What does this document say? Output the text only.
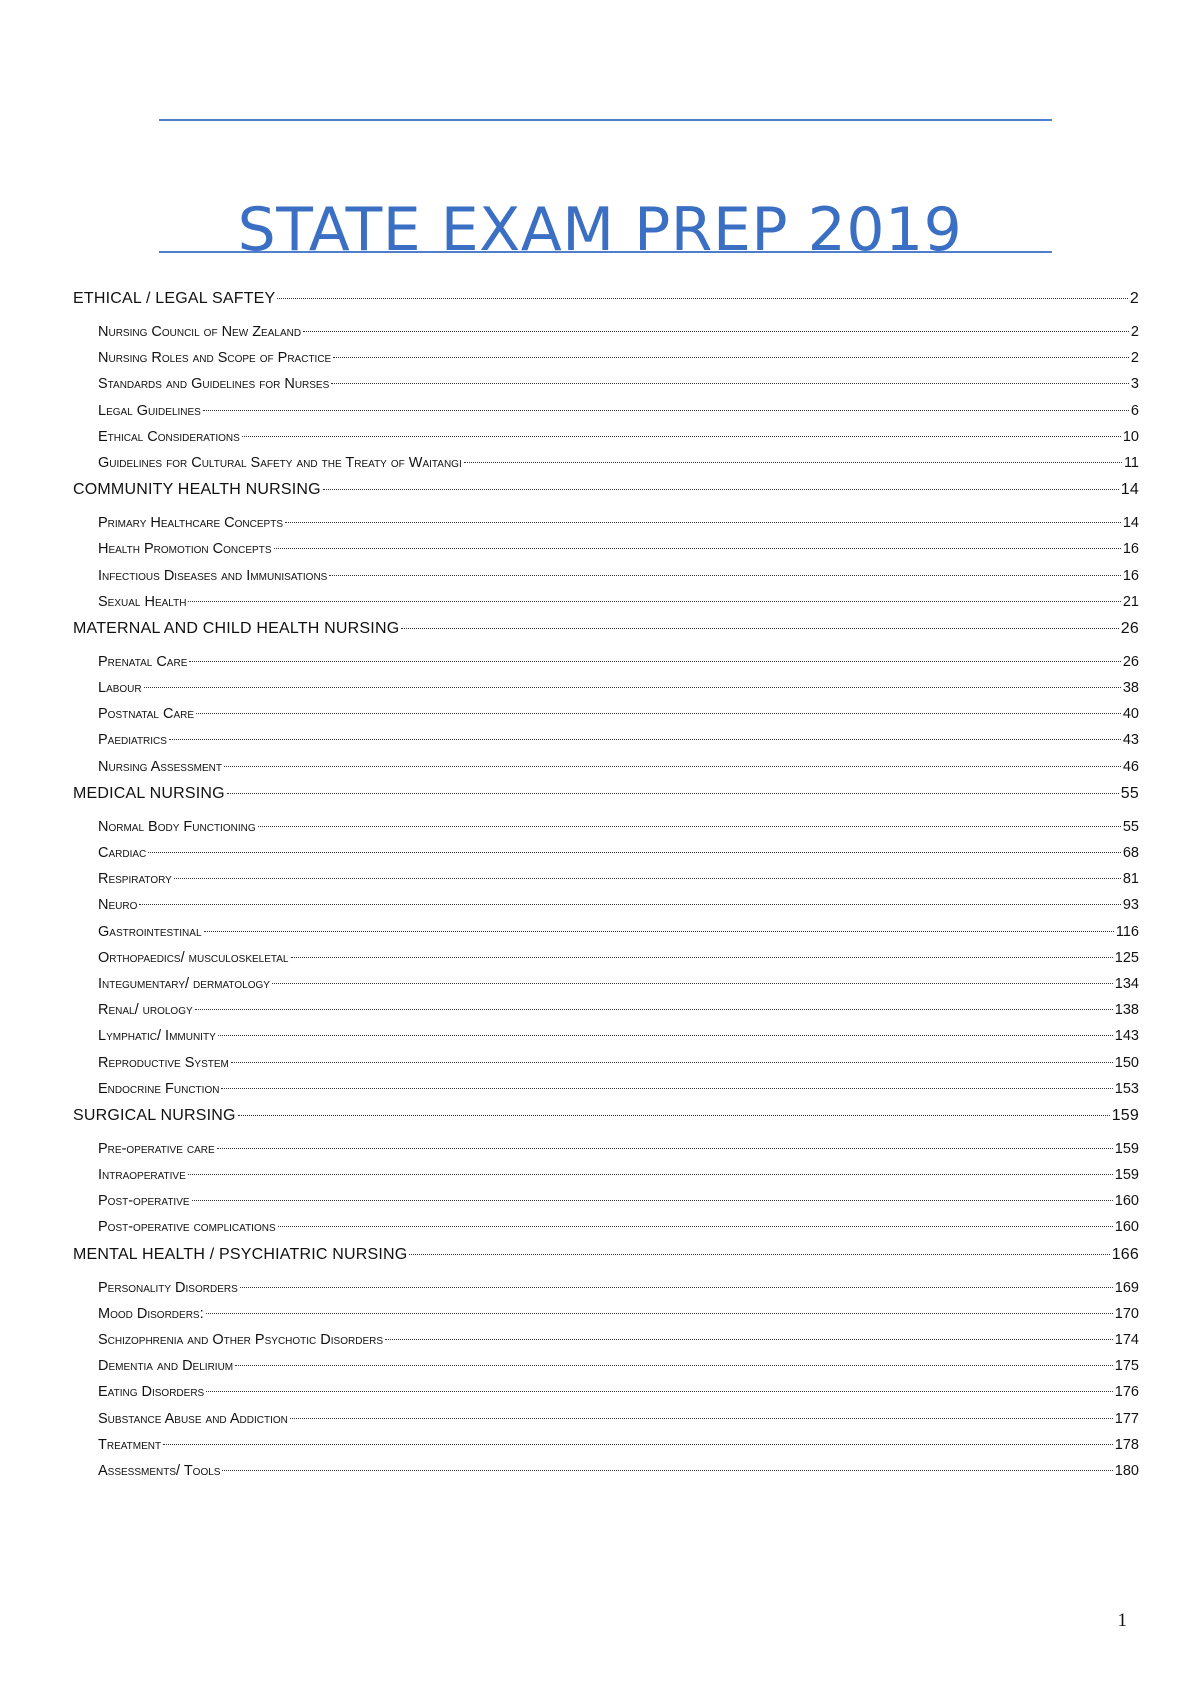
STATE EXAM PREP 2019
ETHICAL / LEGAL SAFTEY	2
Nursing Council of New Zealand	2
Nursing Roles and Scope of Practice	2
Standards and Guidelines for Nurses	3
Legal Guidelines	6
Ethical Considerations	10
Guidelines for Cultural Safety and the Treaty of Waitangi	11
COMMUNITY HEALTH NURSING	14
Primary Healthcare Concepts	14
Health Promotion Concepts	16
Infectious Diseases and Immunisations	16
Sexual Health	21
MATERNAL AND CHILD HEALTH NURSING	26
Prenatal Care	26
Labour	38
Postnatal Care	40
Paediatrics	43
Nursing Assessment	46
MEDICAL NURSING	55
Normal Body Functioning	55
Cardiac	68
Respiratory	81
Neuro	93
Gastrointestinal	116
Orthopaedics/ musculoskeletal	125
Integumentary/ dermatology	134
Renal/ urology	138
Lymphatic/ Immunity	143
Reproductive System	150
Endocrine Function	153
SURGICAL NURSING	159
Pre-operative care	159
Intraoperative	159
Post-operative	160
Post-operative complications	160
MENTAL HEALTH / PSYCHIATRIC NURSING	166
Personality Disorders	169
Mood Disorders:	170
Schizophrenia and Other Psychotic Disorders	174
Dementia and Delirium	175
Eating Disorders	176
Substance Abuse and Addiction	177
Treatment	178
Assessments/ Tools	180
1
